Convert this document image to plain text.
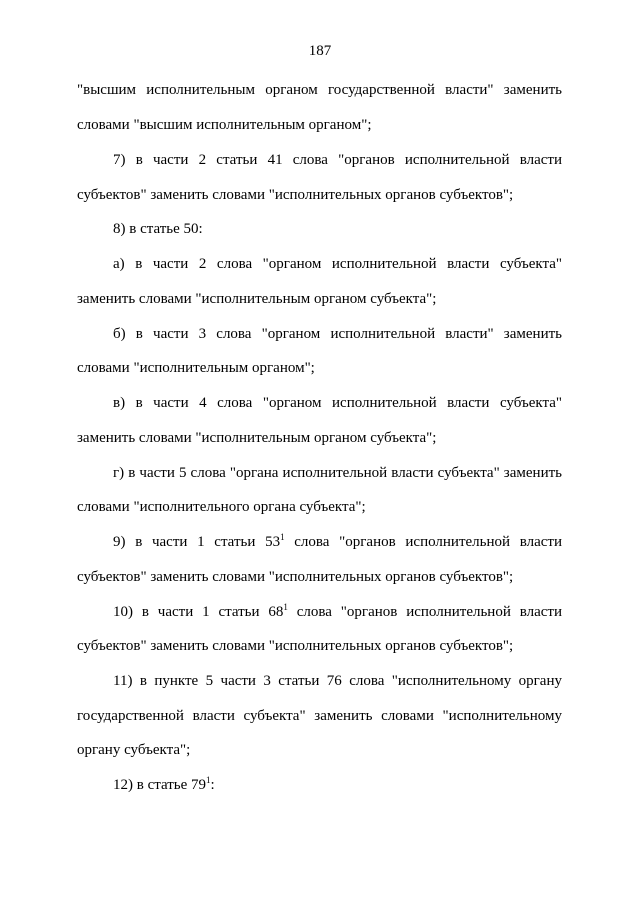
187
"высшим исполнительным органом государственной власти" заменить
словами "высшим исполнительным органом";
7) в части 2 статьи 41 слова "органов исполнительной власти
субъектов" заменить словами "исполнительных органов субъектов";
8) в статье 50:
а) в части 2 слова "органом исполнительной власти субъекта"
заменить словами "исполнительным органом субъекта";
б) в части 3 слова "органом исполнительной власти" заменить
словами "исполнительным органом";
в) в части 4 слова "органом исполнительной власти субъекта"
заменить словами "исполнительным органом субъекта";
г) в части 5 слова "органа исполнительной власти субъекта" заменить
словами "исполнительного органа субъекта";
9) в части 1 статьи $53^1$ слова "органов исполнительной власти
субъектов" заменить словами "исполнительных органов субъектов";
10) в части 1 статьи $68^1$ слова "органов исполнительной власти
субъектов" заменить словами "исполнительных органов субъектов";
11) в пункте 5 части 3 статьи 76 слова "исполнительному органу
государственной власти субъекта" заменить словами "исполнительному
органу субъекта";
12) в статье $79^1$:
